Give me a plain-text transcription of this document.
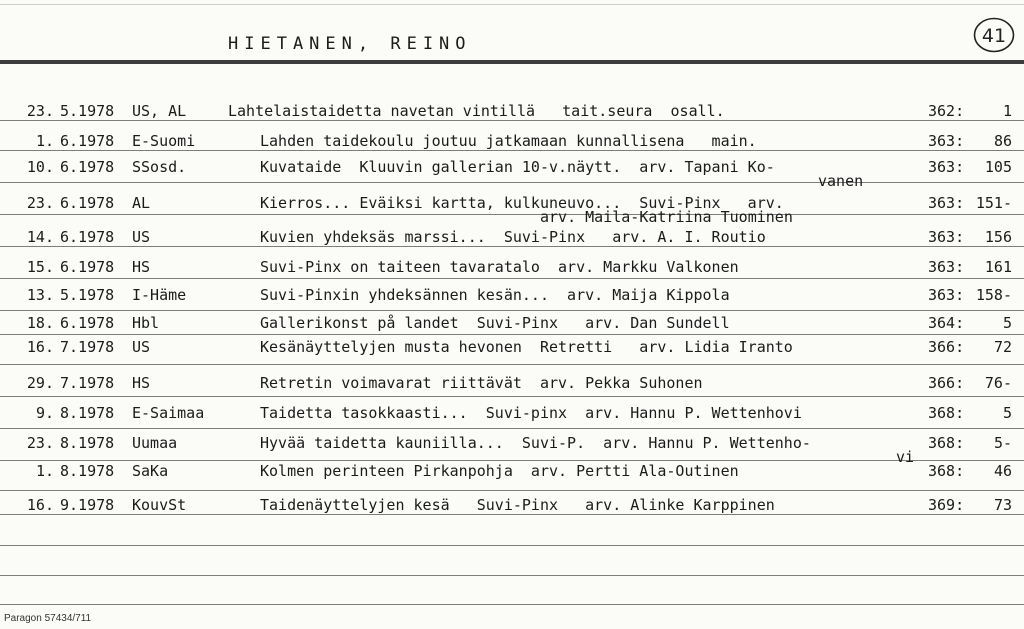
HIETANEN, REINO	41
23. 5.1978 US, AL	Lahtelaistaidetta navetan vintillä   tait.seura  osall.	362:	1
1. 6.1978 E-Suomi	Lahden taidekoulu joutuu jatkamaan kunnallisena   main.	363: 86
10. 6.1978 SSosd.	Kuvataide  Kluuvin gallerian 10-v.näytt.  arv. Tapani Ko-	363: 105
vanen
23. 6.1978 AL	Kierros... Eväiksi kartta, kulkuneuvo...  Suvi-Pinx   arv.	363: 151-
arv. Maila-Katriina Tuominen
14. 6.1978 US	Kuvien yhdeksäs marssi...  Suvi-Pinx   arv. A. I. Routio	363: 156
15. 6.1978 HS	Suvi-Pinx on taiteen tavaratalo  arv. Markku Valkonen	363: 161
13. 5.1978 I-Häme	Suvi-Pinxin yhdeksännen kesän...  arv. Maija Kippola	363: 158-
18. 6.1978 Hbl	Gallerikonst på landet  Suvi-Pinx   arv. Dan Sundell	364:	5
16. 7.1978 US	Kesänäyttelyjen musta hevonen  Retretti   arv. Lidia Iranto	366: 72
29. 7.1978 HS	Retretin voimavarat riittävät  arv. Pekka Suhonen	366: 76-
9. 8.1978 E-Saimaa	Taidetta tasokkaasti...  Suvi-pinx  arv. Hannu P. Wettenhovi	368:	5
23. 8.1978 Uumaa	Hyvää taidetta kauniilla...  Suvi-P.  arv. Hannu P. Wettenho-	368: 5-
vi
1. 8.1978 SaKa	Kolmen perinteen Pirkanpohja  arv. Pertti Ala-Outinen	368: 46
16. 9.1978 KouvSt	Taidenäyttelyjen kesä   Suvi-Pinx   arv. Alinke Karppinen	369: 73
Paragon 57434/711
